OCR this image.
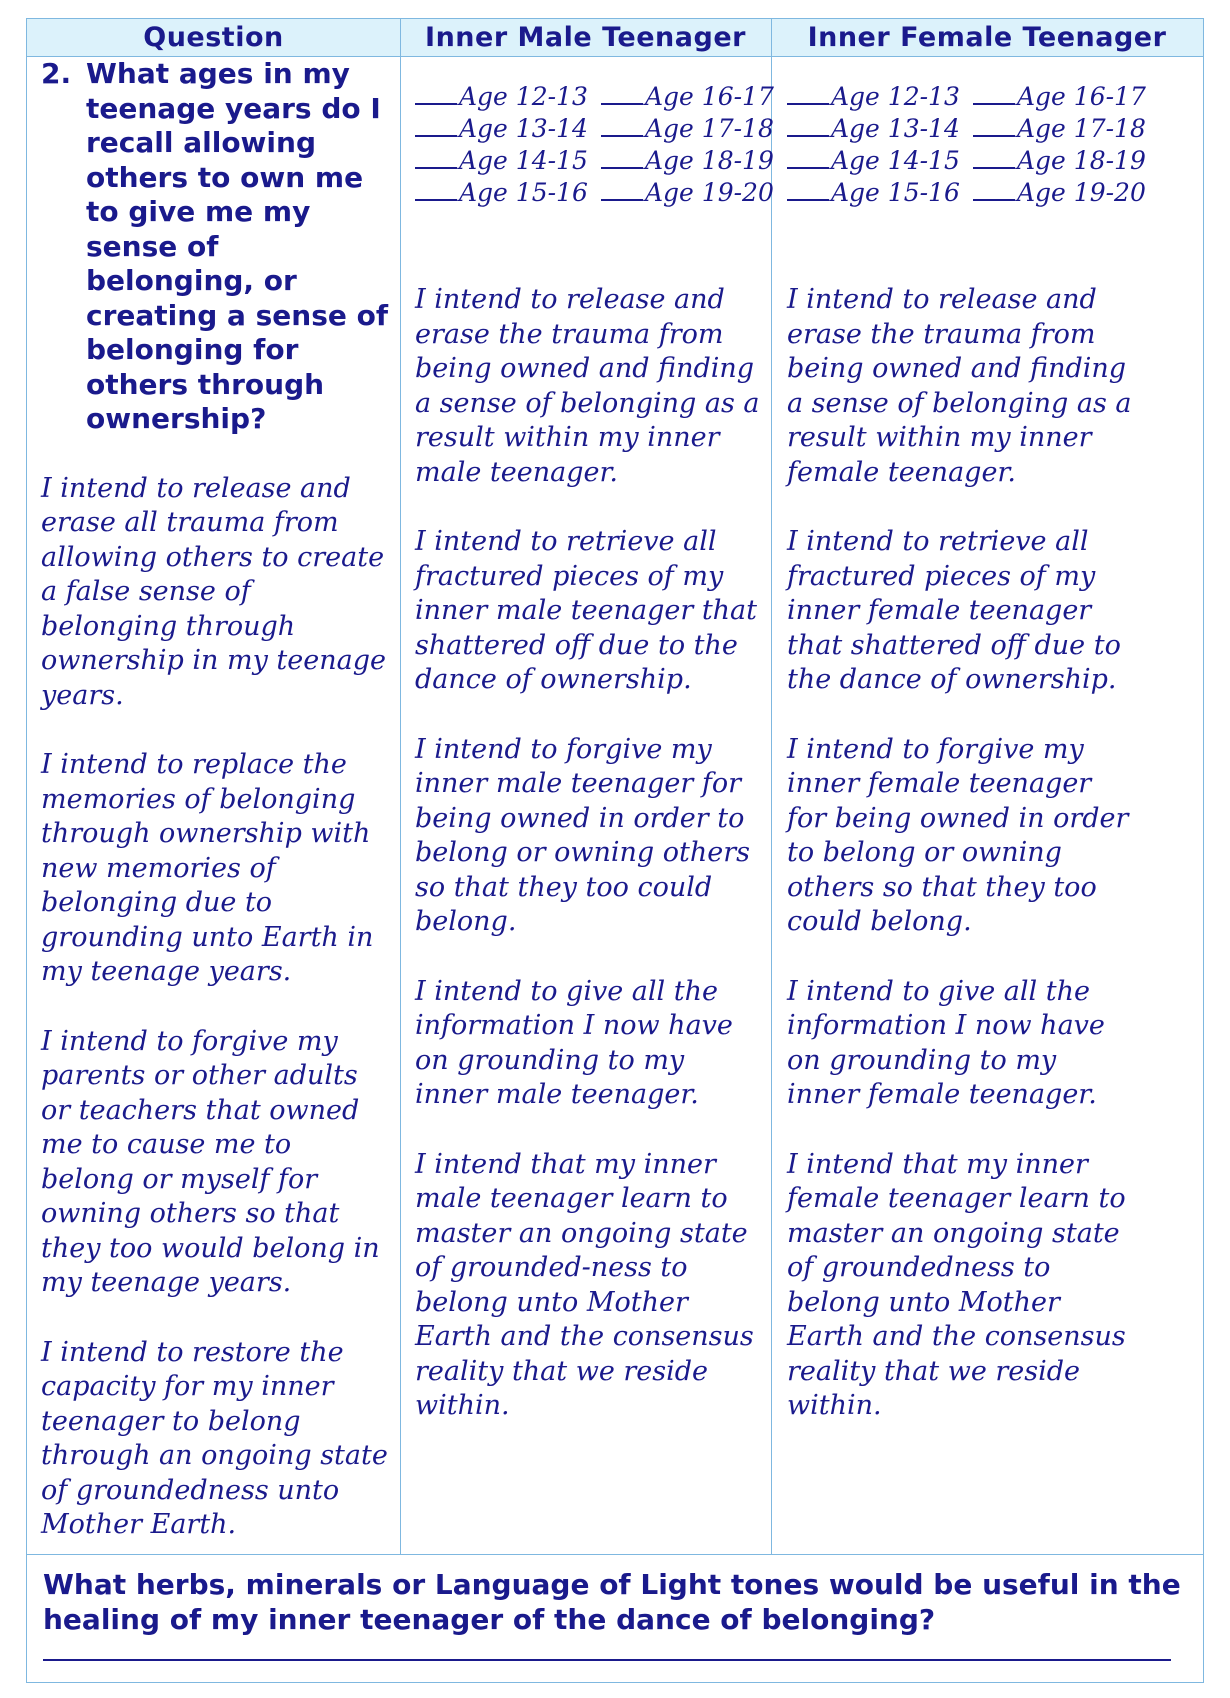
Question	Inner Male Teenager	Inner Female Teenager
2. What ages in my teenage years do I recall allowing others to own me to give me my sense of belonging, or creating a sense of belonging for others through ownership?

I intend to release and erase all trauma from allowing others to create a false sense of belonging through ownership in my teenage years.

I intend to replace the memories of belonging through ownership with new memories of belonging due to grounding unto Earth in my teenage years.

I intend to forgive my parents or other adults or teachers that owned me to cause me to belong or myself for owning others so that they too would belong in my teenage years.

I intend to restore the capacity for my inner teenager to belong through an ongoing state of groundedness unto Mother Earth.

Age 12-13
Age 13-14
Age 14-15
Age 15-16
Age 16-17
Age 17-18
Age 18-19
Age 19-20

I intend to release and erase the trauma from being owned and finding a sense of belonging as a result within my inner male teenager.

I intend to retrieve all fractured pieces of my inner male teenager that shattered off due to the dance of ownership.

I intend to forgive my inner male teenager for being owned in order to belong or owning others so that they too could belong.

I intend to give all the information I now have on grounding to my inner male teenager.

I intend that my inner male teenager learn to master an ongoing state of grounded-ness to belong unto Mother Earth and the consensus reality that we reside within.

Age 12-13
Age 13-14
Age 14-15
Age 15-16
Age 16-17
Age 17-18
Age 18-19
Age 19-20

I intend to release and erase the trauma from being owned and finding a sense of belonging as a result within my inner female teenager.

I intend to retrieve all fractured pieces of my inner female teenager that shattered off due to the dance of ownership.

I intend to forgive my inner female teenager for being owned in order to belong or owning others so that they too could belong.

I intend to give all the information I now have on grounding to my inner female teenager.

I intend that my inner female teenager learn to master an ongoing state of groundedness to belong unto Mother Earth and the consensus reality that we reside within.

What herbs, minerals or Language of Light tones would be useful in the healing of my inner teenager of the dance of belonging?
